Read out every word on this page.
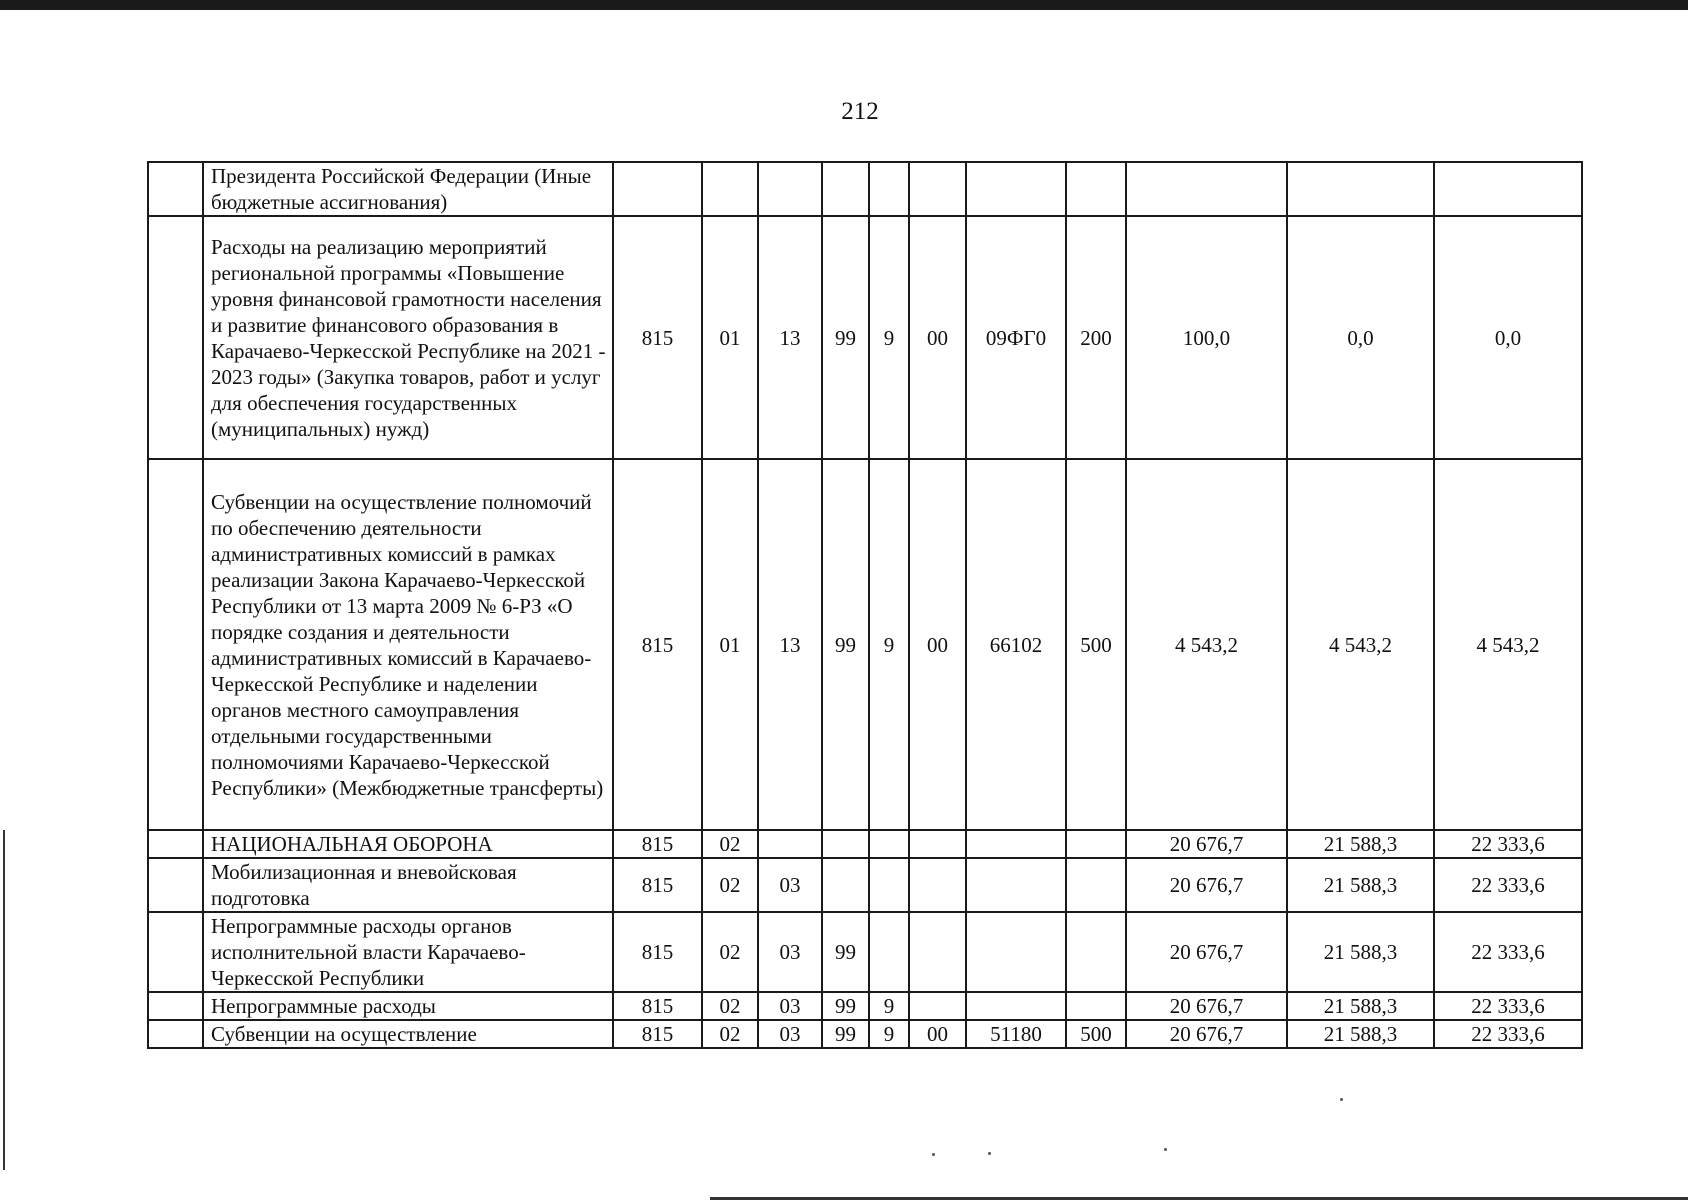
212
	Президента Российской Федерации (Иные бюджетные ассигнования)											
	Расходы на реализацию мероприятий региональной программы «Повышение уровня финансовой грамотности населения и развитие финансового образования в Карачаево-Черкесской Республике на 2021 - 2023 годы» (Закупка товаров, работ и услуг для обеспечения государственных (муниципальных) нужд)	815	01	13	99	9	00	09ФГ0	200	100,0	0,0	0,0
	Субвенции на осуществление полномочий по обеспечению деятельности административных комиссий в рамках реализации Закона Карачаево-Черкесской Республики от 13 марта 2009 № 6-РЗ «О порядке создания и деятельности административных комиссий в Карачаево-Черкесской Республике и наделении органов местного самоуправления отдельными государственными полномочиями Карачаево-Черкесской Республики» (Межбюджетные трансферты)	815	01	13	99	9	00	66102	500	4 543,2	4 543,2	4 543,2
	НАЦИОНАЛЬНАЯ ОБОРОНА	815	02							20 676,7	21 588,3	22 333,6
	Мобилизационная и вневойсковая подготовка	815	02	03						20 676,7	21 588,3	22 333,6
	Непрограммные расходы органов исполнительной власти Карачаево-Черкесской Республики	815	02	03	99					20 676,7	21 588,3	22 333,6
	Непрограммные расходы	815	02	03	99	9				20 676,7	21 588,3	22 333,6
	Субвенции на осуществление	815	02	03	99	9	00	51180	500	20 676,7	21 588,3	22 333,6
